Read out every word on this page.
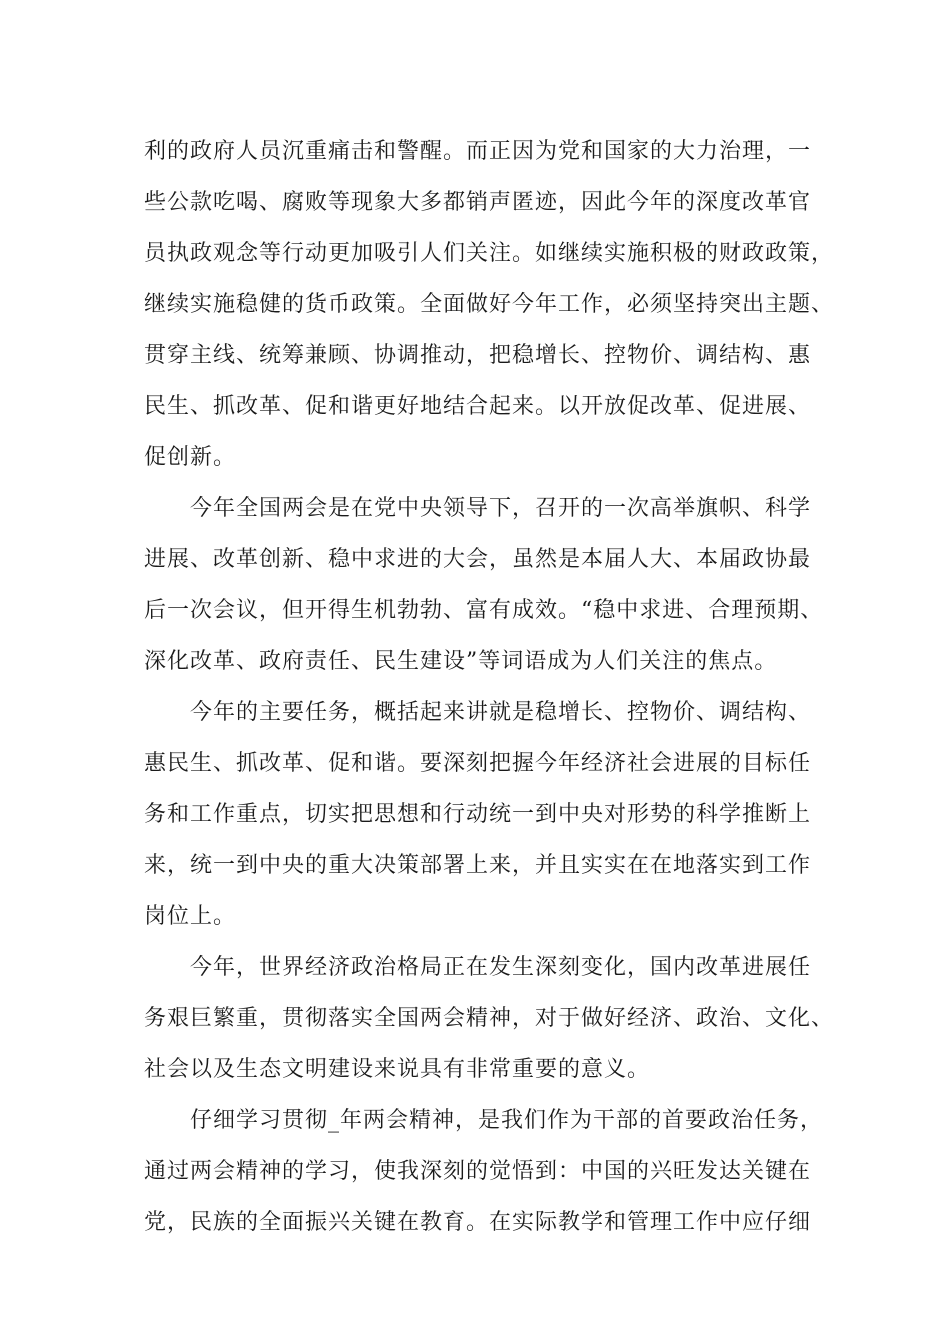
利的政府人员沉重痛击和警醒。而正因为党和国家的大力治理，一
些公款吃喝、腐败等现象大多都销声匿迹，因此今年的深度改革官
员执政观念等行动更加吸引人们关注。如继续实施积极的财政政策，
继续实施稳健的货币政策。全面做好今年工作，必须坚持突出主题、
贯穿主线、统筹兼顾、协调推动，把稳增长、控物价、调结构、惠
民生、抓改革、促和谐更好地结合起来。以开放促改革、促进展、
促创新。
今年全国两会是在党中央领导下，召开的一次高举旗帜、科学
进展、改革创新、稳中求进的大会，虽然是本届人大、本届政协最
后一次会议，但开得生机勃勃、富有成效。“稳中求进、合理预期、
深化改革、政府责任、民生建设”等词语成为人们关注的焦点。
今年的主要任务，概括起来讲就是稳增长、控物价、调结构、
惠民生、抓改革、促和谐。要深刻把握今年经济社会进展的目标任
务和工作重点，切实把思想和行动统一到中央对形势的科学推断上
来，统一到中央的重大决策部署上来，并且实实在在地落实到工作
岗位上。
今年，世界经济政治格局正在发生深刻变化，国内改革进展任
务艰巨繁重，贯彻落实全国两会精神，对于做好经济、政治、文化、
社会以及生态文明建设来说具有非常重要的意义。
仔细学习贯彻_年两会精神，是我们作为干部的首要政治任务，
通过两会精神的学习，使我深刻的觉悟到：中国的兴旺发达关键在
党，民族的全面振兴关键在教育。在实际教学和管理工作中应仔细
